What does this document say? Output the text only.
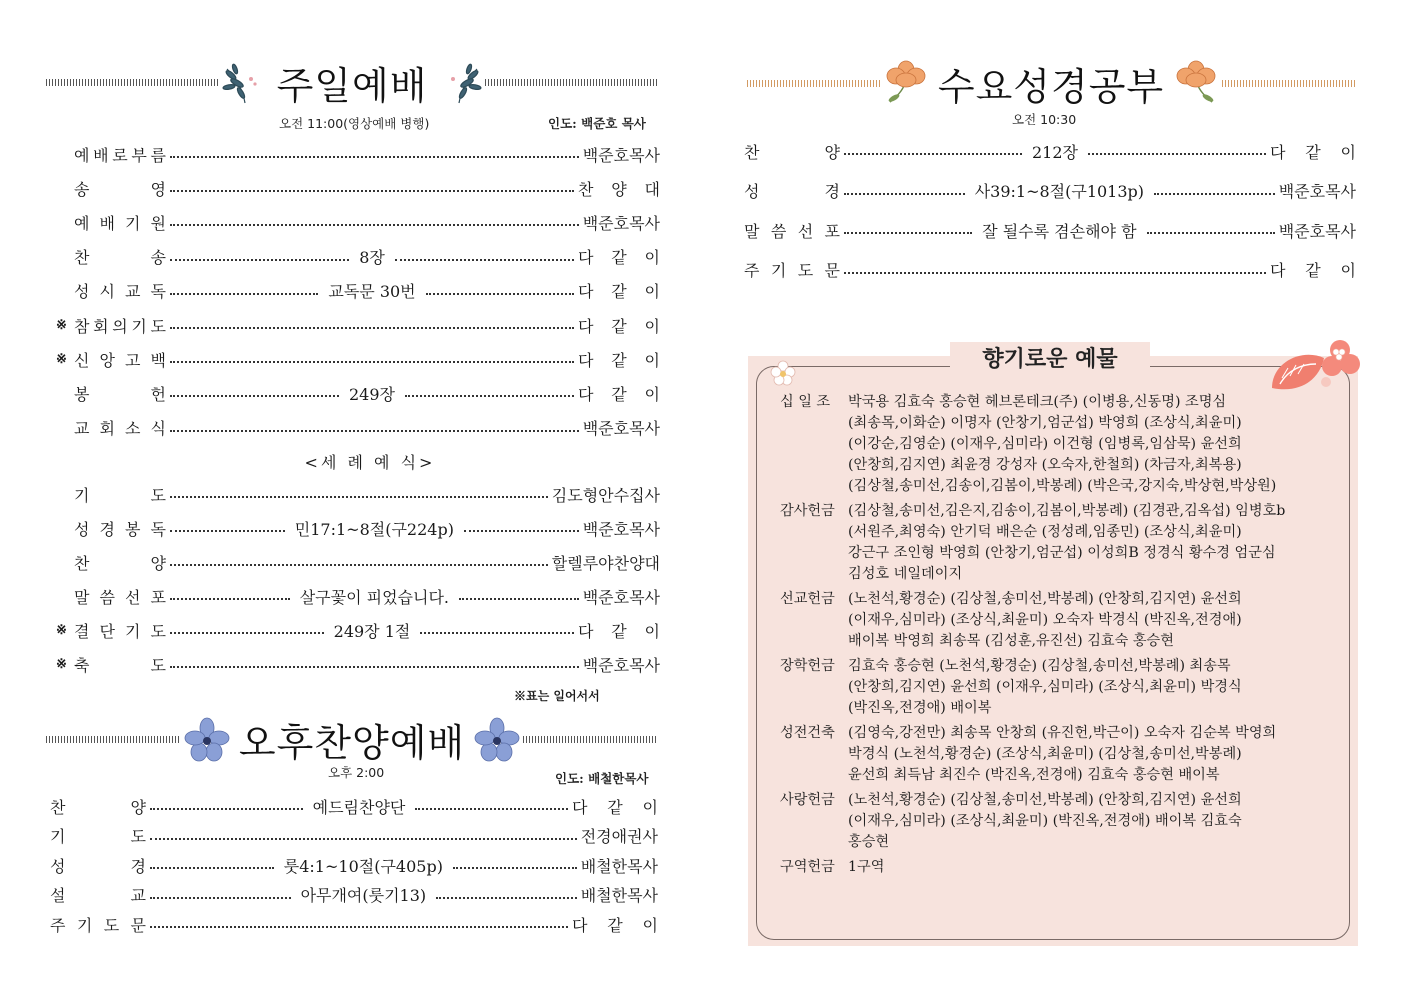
주일예배
오전 11:00(영상예배 병행)	인도: 백준호 목사
예 배 로 부 름	백준호목사
송	영	찬 양 대
예 배 기 원	백준호목사
찬	송	8장	다 같 이
성 시 교 독	교독문 30번	다 같 이
※ 참 회 의 기 도	다 같 이
※ 신 앙 고 백	다 같 이
봉	헌	249장	다 같 이
교 회 소 식	백준호목사
기	도	김도형안수집사
성 경 봉 독	민17:1~8절(구224p)	백준호목사
찬	양	할렐루야찬양대
말 씀 선 포	살구꽃이 피었습니다.	백준호목사
※ 결 단 기 도	249장 1절	다 같 이
※ 축	도	백준호목사
<세 례 예 식>
※표는 일어서서
오후찬양예배
오후 2:00	인도: 배철한목사
찬	양	예드림찬양단	다 같 이
기	도	전경애권사
성	경	룻4:1~10절(구405p)	배철한목사
설	교	아무개여(룻기13)	배철한목사
주 기 도 문	다 같 이
수요성경공부
오전 10:30
찬	양	212장	다 같 이
성	경	사39:1~8절(구1013p)	백준호목사
말 씀 선 포	잘 될수록 겸손해야 함	백준호목사
주 기 도 문	다 같 이
향기로운 예물
십 일 조	박국용 김효숙 홍승현 헤브론테크(주) (이병용,신동명) 조명심
(최송목,이화순) 이명자 (안창기,엄군섭) 박영희 (조상식,최윤미)
(이강순,김영순) (이재우,심미라) 이건형 (임병록,임삼묵) 윤선희
(안창희,김지연) 최윤경 강성자 (오숙자,한철희) (차금자,최복용)
(김상철,송미선,김송이,김봄이,박봉례) (박은국,강지숙,박상현,박상원)
감사헌금 (김상철,송미선,김은지,김송이,김봄이,박봉례) (김경관,김옥섭) 임병호b
(서원주,최영숙) 안기덕 배은순 (정성례,임종민) (조상식,최윤미)
강근구 조인형 박영희 (안창기,엄군섭) 이성희B 정경식 황수경 엄군심
김성호 네일데이지
선교헌금 (노천석,황경순) (김상철,송미선,박봉례) (안창희,김지연) 윤선희
(이재우,심미라) (조상식,최윤미) 오숙자 박경식 (박진옥,전경애)
배이복 박영희 최송목 (김성훈,유진선) 김효숙 홍승현
장학헌금 김효숙 홍승현 (노천석,황경순) (김상철,송미선,박봉례) 최송목
(안창희,김지연) 윤선희 (이재우,심미라) (조상식,최윤미) 박경식
(박진옥,전경애) 배이복
성전건축 (김영숙,강전만) 최송목 안창희 (유진헌,박근이) 오숙자 김순복 박영희
박경식 (노천석,황경순) (조상식,최윤미) (김상철,송미선,박봉례)
윤선희 최득남 최진수 (박진옥,전경애) 김효숙 홍승현 배이복
사랑헌금 (노천석,황경순) (김상철,송미선,박봉례) (안창희,김지연) 윤선희
(이재우,심미라) (조상식,최윤미) (박진옥,전경애) 배이복 김효숙
홍승현
구역헌금 1구역
